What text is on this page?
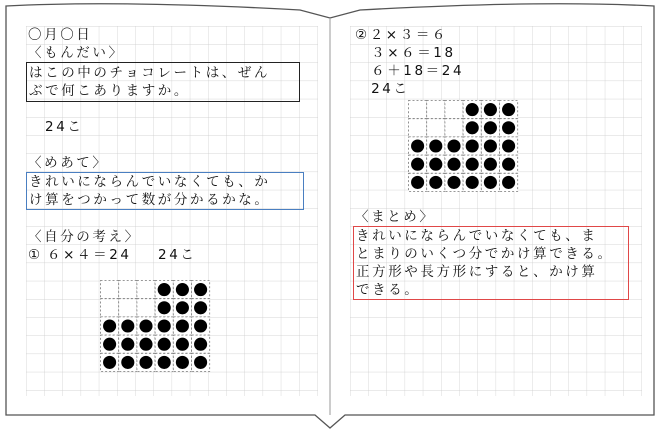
〇月〇日
〈もんだい〉
はこの中のチョコレートは、ぜん
ぶで何こありますか。
24こ
〈めあて〉
きれいにならんでいなくても、か
け算をつかって数が分かるかな。
〈自分の考え〉
① ６×４＝24 24こ
②２×３＝６
　３×６＝18
　６＋18＝24
　24こ
〈まとめ〉
きれいにならんでいなくても、ま
とまりのいくつ分でかけ算できる。
正方形や長方形にすると、かけ算
できる。
